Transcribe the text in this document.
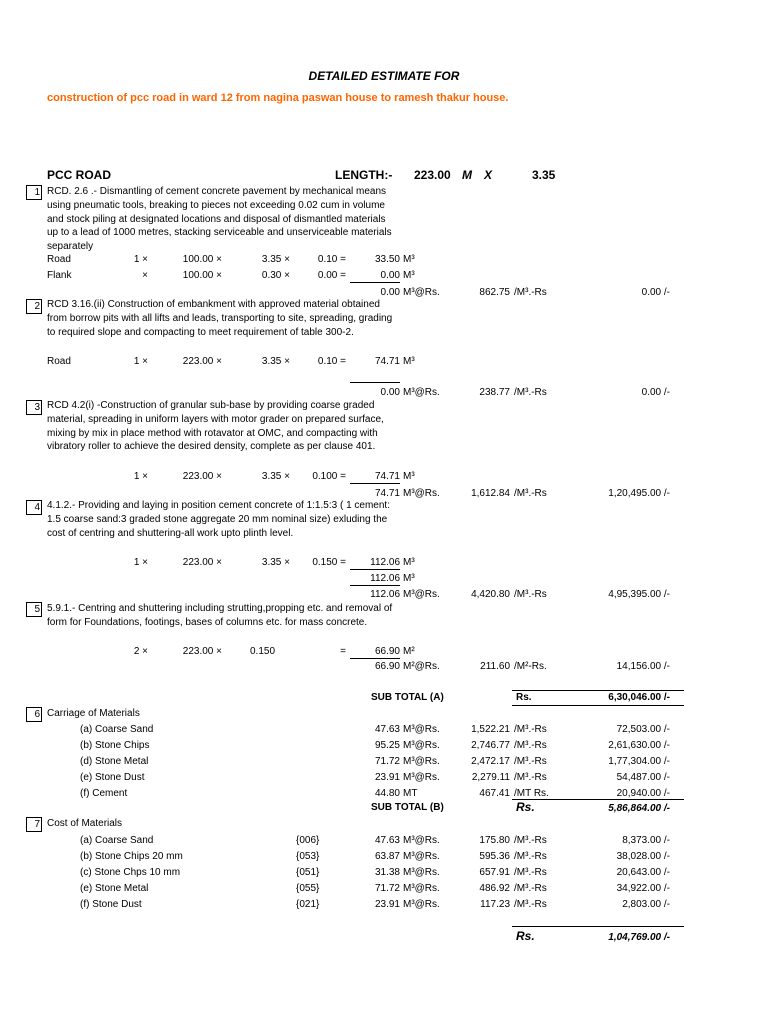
DETAILED ESTIMATE FOR
construction of pcc road in ward 12 from nagina paswan house to ramesh thakur house.
PCC ROAD	LENGTH:- 223.00 M X	3.35
1 RCD. 2.6 .- Dismantling of cement concrete pavement by mechanical means using pneumatic tools, breaking to pieces not exceeding 0.02 cum in volume and stock piling at designated locations and disposal of dismantled materials up to a lead of 1000 metres, stacking serviceable and unserviceable materials separately
Road	1 ×	100.00 ×	3.35 ×	0.10 =	33.50 M³
Flank	×	100.00 ×	0.30 ×	0.00 =	0.00 M³
0.00 M³@Rs.	862.75 /M³.-Rs	0.00 /-
2 RCD 3.16.(ii) Construction of embankment with approved material obtained from borrow pits with all lifts and leads, transporting to site, spreading, grading to required slope and compacting to meet requirement of table 300-2.
Road	1 ×	223.00 ×	3.35 ×	0.10 =	74.71 M³
0.00 M³@Rs.	238.77 /M³.-Rs	0.00 /-
3 RCD 4.2(i) -Construction of granular sub-base by providing coarse graded material, spreading in uniform layers with motor grader on prepared surface, mixing by mix in place method with rotavator at OMC, and compacting with vibratory roller to achieve the desired density, complete as per clause 401.
1 ×	223.00 ×	3.35 ×	0.100 =	74.71 M³
74.71 M³@Rs.	1,612.84 /M³.-Rs	1,20,495.00 /-
4 4.1.2.- Providing and laying in position cement concrete of 1:1.5:3 ( 1 cement: 1.5 coarse sand:3 graded stone aggregate 20 mm nominal size) exluding the cost of centring and shuttering-all work upto plinth level.
1 ×	223.00 ×	3.35 ×	0.150 =	112.06 M³
112.06 M³
112.06 M³@Rs.	4,420.80 /M³.-Rs	4,95,395.00 /-
5 5.9.1.- Centring and shuttering including strutting,propping etc. and removal of form for Foundations, footings, bases of columns etc. for mass concrete.
2 ×	223.00 ×	0.150	=	66.90 M²
66.90 M²@Rs.	211.60 /M²-Rs.	14,156.00 /-
SUB TOTAL (A)	Rs.	6,30,046.00 /-
6 Carriage of Materials
(a) Coarse Sand	47.63 M³@Rs.	1,522.21 /M³.-Rs	72,503.00 /-
(b) Stone Chips	95.25 M³@Rs.	2,746.77 /M³.-Rs	2,61,630.00 /-
(d) Stone Metal	71.72 M³@Rs.	2,472.17 /M³.-Rs	1,77,304.00 /-
(e) Stone Dust	23.91 M³@Rs.	2,279.11 /M³.-Rs	54,487.00 /-
(f) Cement	44.80 MT	467.41 /MT Rs.	20,940.00 /-
SUB TOTAL (B)	Rs.	5,86,864.00 /-
7 Cost of Materials
(a) Coarse Sand	{006}	47.63 M³@Rs.	175.80 /M³.-Rs	8,373.00 /-
(b) Stone Chips 20 mm	{053}	63.87 M³@Rs.	595.36 /M³.-Rs	38,028.00 /-
(c) Stone Chps 10 mm	{051}	31.38 M³@Rs.	657.91 /M³.-Rs	20,643.00 /-
(e) Stone Metal	{055}	71.72 M³@Rs.	486.92 /M³.-Rs	34,922.00 /-
(f) Stone Dust	{021}	23.91 M³@Rs.	117.23 /M³.-Rs	2,803.00 /-
Rs.	1,04,769.00 /-
